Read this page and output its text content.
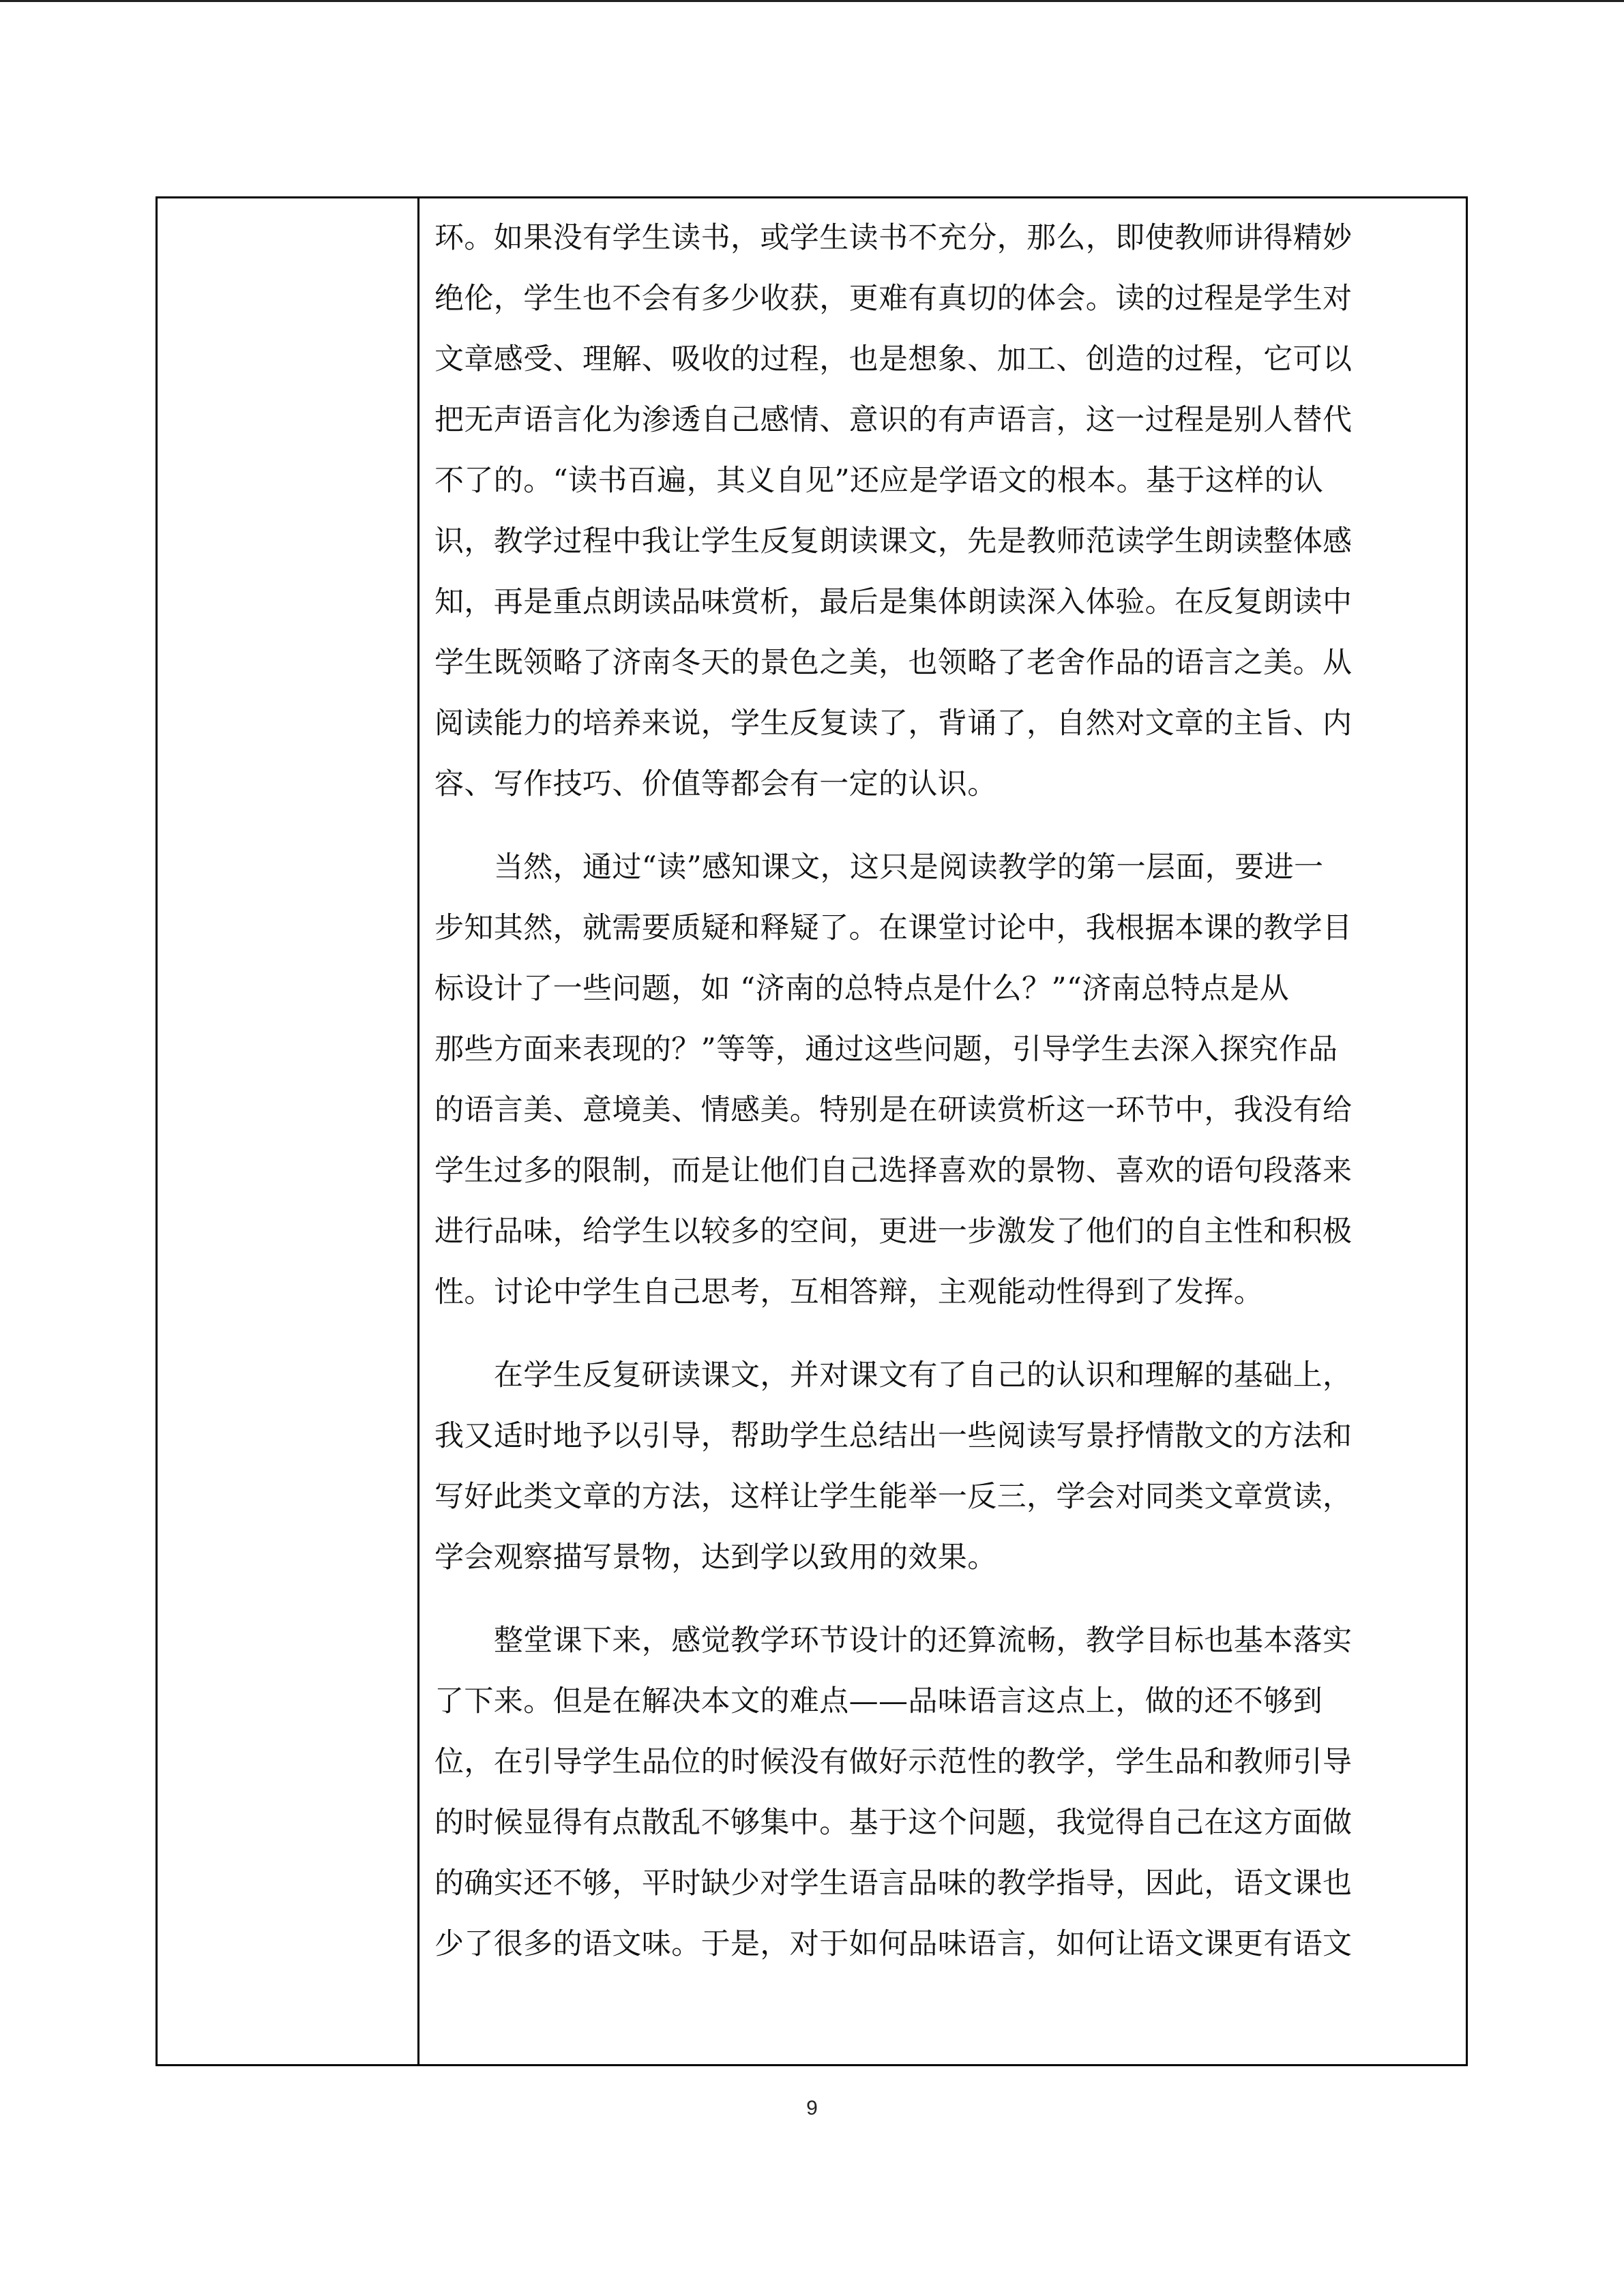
环。如果没有学生读书，或学生读书不充分，那么，即使教师讲得精妙
绝伦，学生也不会有多少收获，更难有真切的体会。读的过程是学生对
文章感受、理解、吸收的过程，也是想象、加工、创造的过程，它可以
把无声语言化为渗透自己感情、意识的有声语言，这一过程是别人替代
不了的。“读书百遍，其义自见”还应是学语文的根本。基于这样的认
识，教学过程中我让学生反复朗读课文，先是教师范读学生朗读整体感
知，再是重点朗读品味赏析，最后是集体朗读深入体验。在反复朗读中
学生既领略了济南冬天的景色之美，也领略了老舍作品的语言之美。从
阅读能力的培养来说，学生反复读了，背诵了，自然对文章的主旨、内
容、写作技巧、价值等都会有一定的认识。

　　当然，通过“读”感知课文，这只是阅读教学的第一层面，要进一
步知其然，就需要质疑和释疑了。在课堂讨论中，我根据本课的教学目
标设计了一些问题，如 “济南的总特点是什么？”“济南总特点是从
那些方面来表现的？”等等，通过这些问题，引导学生去深入探究作品
的语言美、意境美、情感美。特别是在研读赏析这一环节中，我没有给
学生过多的限制，而是让他们自己选择喜欢的景物、喜欢的语句段落来
进行品味，给学生以较多的空间，更进一步激发了他们的自主性和积极
性。讨论中学生自己思考，互相答辩，主观能动性得到了发挥。

　　在学生反复研读课文，并对课文有了自己的认识和理解的基础上，
我又适时地予以引导，帮助学生总结出一些阅读写景抒情散文的方法和
写好此类文章的方法，这样让学生能举一反三，学会对同类文章赏读，
学会观察描写景物，达到学以致用的效果。

　　整堂课下来，感觉教学环节设计的还算流畅，教学目标也基本落实
了下来。但是在解决本文的难点——品味语言这点上，做的还不够到
位，在引导学生品位的时候没有做好示范性的教学，学生品和教师引导
的时候显得有点散乱不够集中。基于这个问题，我觉得自己在这方面做
的确实还不够，平时缺少对学生语言品味的教学指导，因此，语文课也
少了很多的语文味。于是，对于如何品味语言，如何让语文课更有语文

9
